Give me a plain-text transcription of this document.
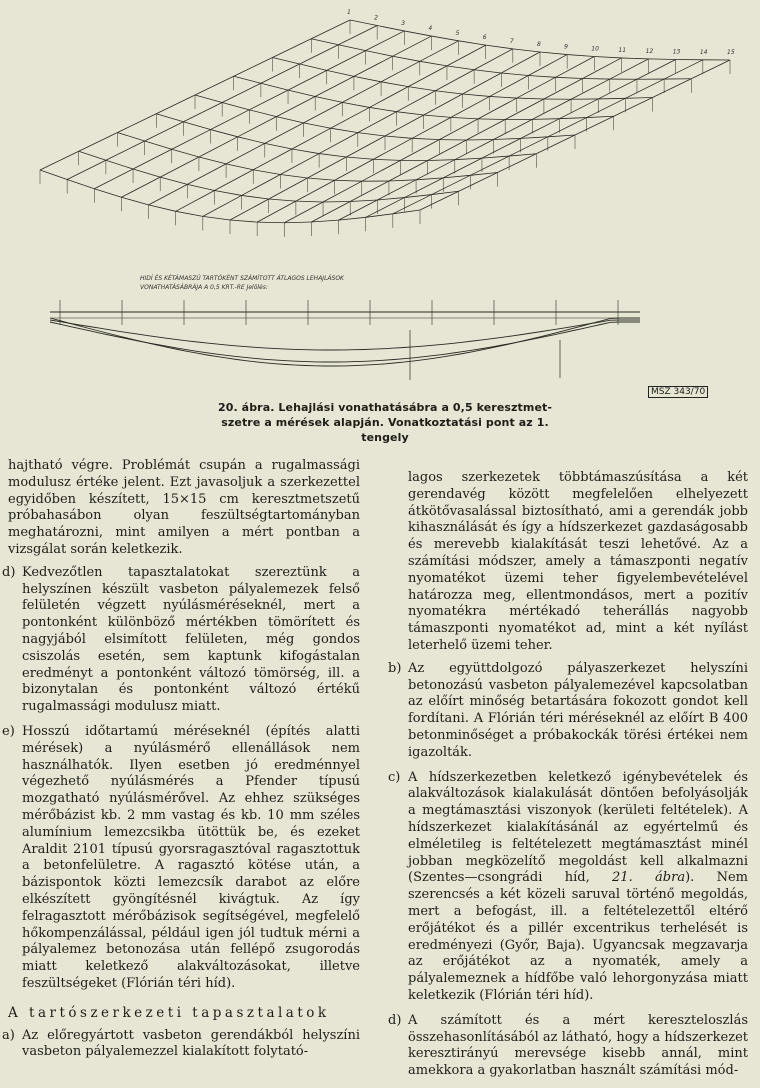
HIDÍ ÉS KÉTÁMASZÚ TARTÓKÉNT SZÁMÍTOTT ÁTLAGOS LEHAJLÁSOK
VONATHATÁSÁBRÁJA A 0,5 KRT.-RE Jelölés:
1
2
3
4
5
6
7	8	9	10	11	12	13	14	15
MSZ 343/70
20. ábra. Lehajlási vonathatásábra a 0,5 keresztmet-
szetre a mérések alapján. Vonatkoztatási pont az 1.
tengely

hajtható végre. Problémát csupán a rugalmassági modulusz értéke jelent. Ezt javasoljuk a szerkezettel egyidőben készített, 15×15 cm keresztmetszetű próbahasábon olyan feszültségtartományban meghatározni, mint amilyen a mért pontban a vizsgálat során keletkezik.

d) Kedvezőtlen tapasztalatokat szereztünk a helyszínen készült vasbeton pályalemezek felső felületén végzett nyúlásméréseknél, mert a pontonként különböző mértékben tömörített és nagyjából elsimított felületen, még gondos csiszolás esetén, sem kaptunk kifogástalan eredményt a pontonként változó tömörség, ill. a bizonytalan és pontonként változó értékű rugalmassági modulusz miatt.
e) Hosszú időtartamú méréseknél (építés alatti mérések) a nyúlásmérő ellenállások nem használhatók. Ilyen esetben jó eredménnyel végezhető nyúlásmérés a Pfender típusú mozgatható nyúlásmérővel. Az ehhez szükséges mérőbázist kb. 2 mm vastag és kb. 10 mm széles alumínium lemezcsikba ütöttük be, és ezeket Araldit 2101 típusú gyorsragasztóval ragasztottuk a betonfelületre. A ragasztó kötése után, a bázispontok közti lemezcsík darabot az előre elkészített gyöngítésnél kivágtuk. Az így felragasztott mérőbázisok segítségével, megfelelő hőkompenzálással, például igen jól tudtuk mérni a pályalemez betonozása után fellépő zsugorodás miatt keletkező alakváltozásokat, illetve feszültségeket (Flórián téri híd).
A tartószerkezeti tapasztalatok
a) Az előregyártott vasbeton gerendákból helyszíni vasbeton pályalemezzel kialakított folytató-

lagos szerkezetek többtámaszúsítása a két gerendavég között megfelelően elhelyezett átkötővasalással biztosítható, ami a gerendák jobb kihasználását és így a hídszerkezet gazdaságosabb és merevebb kialakítását teszi lehetővé. Az a számítási módszer, amely a támaszponti negatív nyomatékot üzemi teher figyelembevételével határozza meg, ellentmondásos, mert a pozitív nyomatékra mértékadó teherállás nagyobb támaszponti nyomatékot ad, mint a két nyílást leterhelő üzemi teher.

b) Az együttdolgozó pályaszerkezet helyszíni betonozású vasbeton pályalemezével kapcsolatban az előírt minőség betartására fokozott gondot kell fordítani. A Flórián téri méréseknél az előírt B 400 betonminőséget a próbakockák törési értékei nem igazolták.
c) A hídszerkezetben keletkező igénybevételek és alakváltozások kialakulását döntően befolyásolják a megtámasztási viszonyok (kerületi feltételek). A hídszerkezet kialakításánál az egyértelmű és elméletileg is feltételezett megtámasztást minél jobban megközelítő megoldást kell alkalmazni (Szentes—csongrádi híd, 21. ábra). Nem szerencsés a két közeli saruval történő megoldás, mert a befogást, ill. a feltételezettől eltérő erőjátékot és a pillér excentrikus terhelését is eredményezi (Győr, Baja). Ugyancsak megzavarja az erőjátékot az a nyomaték, amely a pályalemeznek a hídfőbe való lehorgonyzása miatt keletkezik (Flórián téri híd).
d) A számított és a mért kereszteloszlás összehasonlításából az látható, hogy a hídszerkezet keresztirányú merevsége kisebb annál, mint amekkora a gyakorlatban használt számítási mód-
